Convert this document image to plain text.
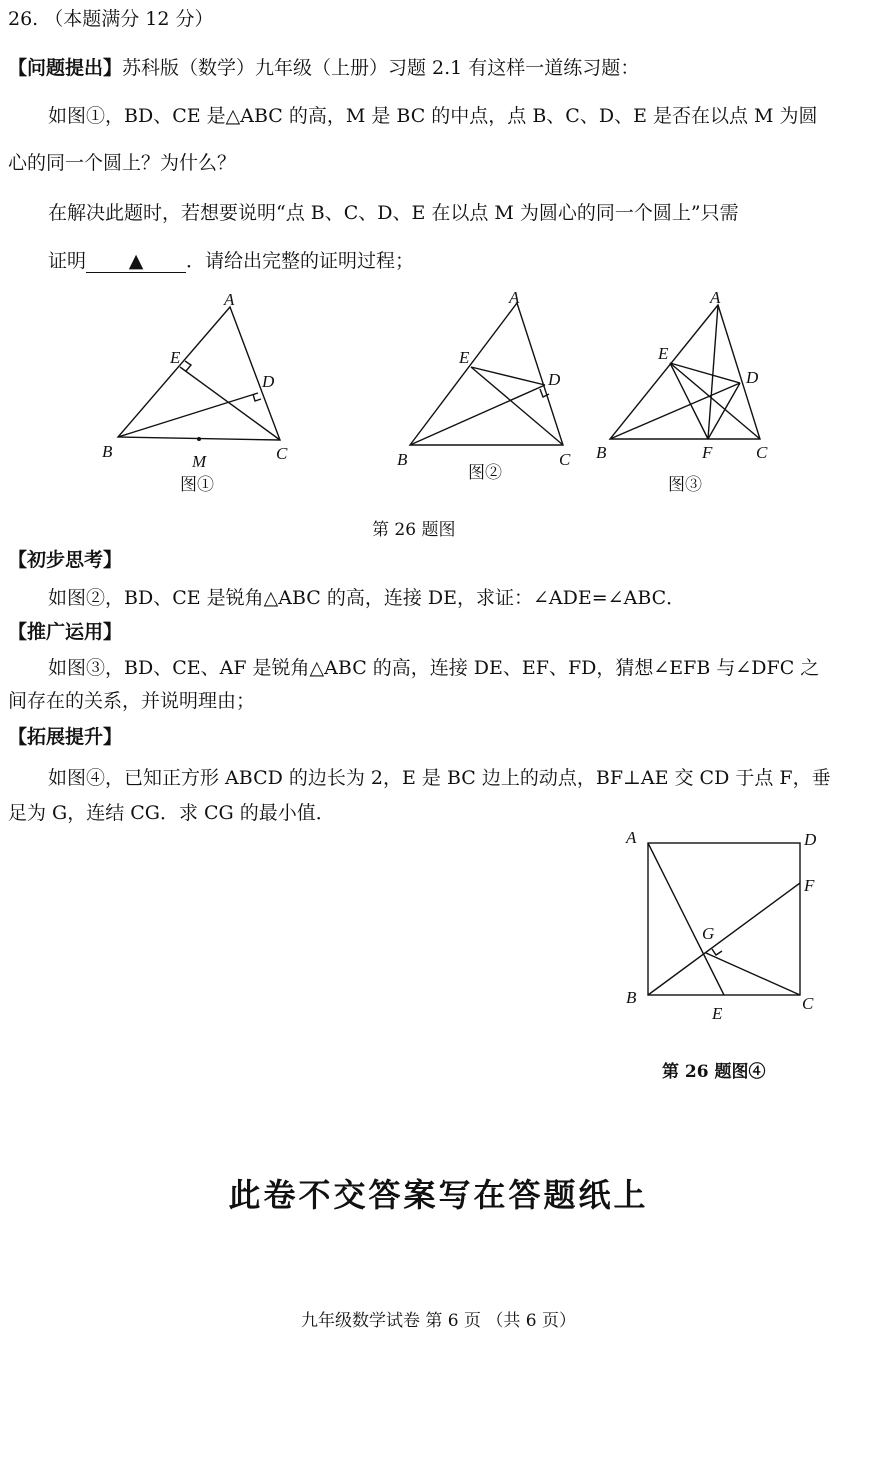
26. （本题满分 12 分）
【问题提出】苏科版（数学）九年级（上册）习题 2.1 有这样一道练习题：
如图①，BD、CE 是△ABC 的高，M 是 BC 的中点，点 B、C、D、E 是否在以点 M 为圆
心的同一个圆上？为什么？
在解决此题时，若想要说明“点 B、C、D、E 在以点 M 为圆心的同一个圆上”只需
证明 ▲ ．请给出完整的证明过程；
A
E
D
B	C
M
图①
A
E
D
B	C
图②
A
E
D
B	F	C
图③
第 26 题图
【初步思考】
如图②，BD、CE 是锐角△ABC 的高，连接 DE，求证：∠ADE=∠ABC．
【推广运用】
如图③，BD、CE、AF 是锐角△ABC 的高，连接 DE、EF、FD，猜想∠EFB 与∠DFC 之
间存在的关系，并说明理由；
【拓展提升】
如图④，已知正方形 ABCD 的边长为 2，E 是 BC 边上的动点，BF⊥AE 交 CD 于点 F，垂
足为 G，连结 CG．求 CG 的最小值．
A	D
F
G
B
E
C
第 26 题图④
此卷不交答案写在答题纸上
九年级数学试卷 第 6 页 （共 6 页）
